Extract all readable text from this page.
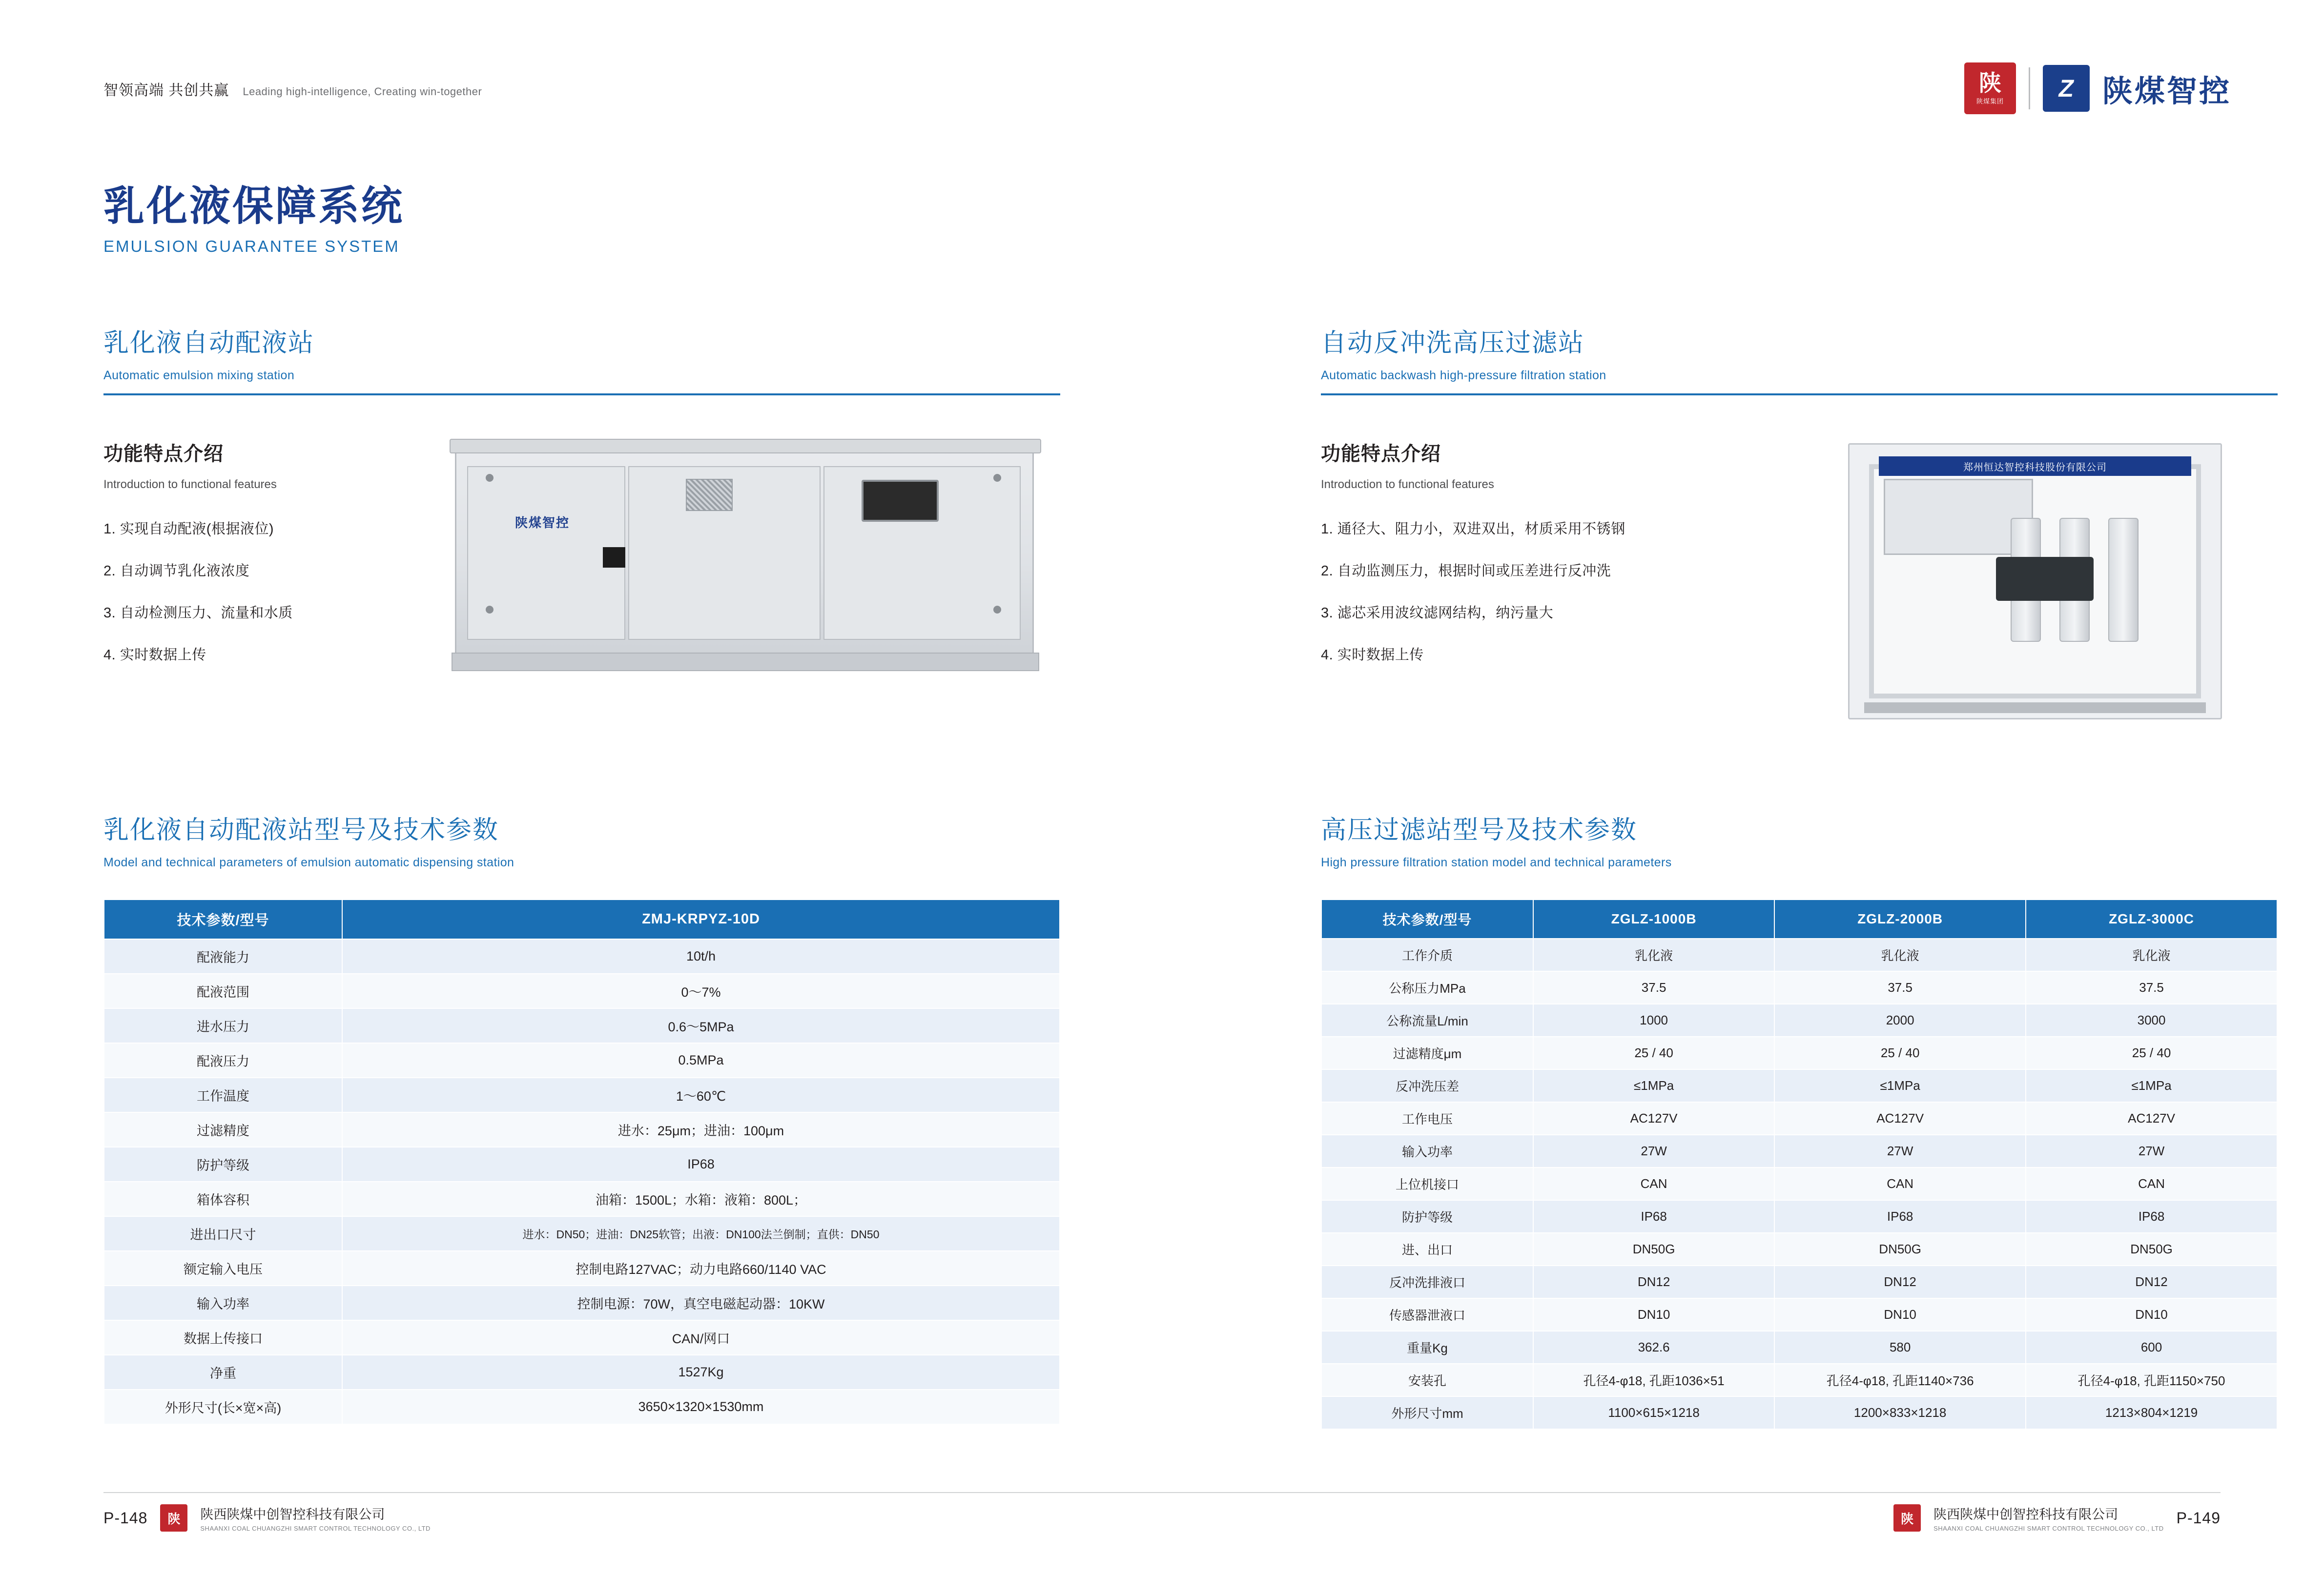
智领高端 共创共赢 Leading high-intelligence, Creating win-together	陕
陕煤集团 Z 陕煤智控
乳化液保障系统
EMULSION GUARANTEE SYSTEM
乳化液自动配液站
Automatic emulsion mixing station
功能特点介绍
Introduction to functional features
1. 实现自动配液(根据液位)
2. 自动调节乳化液浓度
3. 自动检测压力、流量和水质
4. 实时数据上传
陕煤智控
乳化液自动配液站型号及技术参数
Model and technical parameters of emulsion automatic dispensing station
技术参数/型号	ZMJ-KRPYZ-10D
配液能力	10t/h
配液范围	0～7%
进水压力	0.6～5MPa
配液压力	0.5MPa
工作温度	1～60℃
过滤精度	进水：25μm；进油：100μm
防护等级	IP68
箱体容积	油箱：1500L；水箱：液箱：800L；
进出口尺寸	进水：DN50；进油：DN25软管；出液：DN100法兰倒制；直供：DN50
额定输入电压	控制电路127VAC；动力电路660/1140 VAC
输入功率	控制电源：70W，真空电磁起动器：10KW
数据上传接口	CAN/网口
净重	1527Kg
外形尺寸(长×宽×高)	3650×1320×1530mm
自动反冲洗高压过滤站
Automatic backwash high-pressure filtration station
功能特点介绍
Introduction to functional features
1. 通径大、阻力小，双进双出，材质采用不锈钢
2. 自动监测压力，根据时间或压差进行反冲洗
3. 滤芯采用波纹滤网结构，纳污量大
4. 实时数据上传
郑州恒达智控科技股份有限公司
高压过滤站型号及技术参数
High pressure filtration station model and technical parameters
技术参数/型号	ZGLZ-1000B	ZGLZ-2000B	ZGLZ-3000C
工作介质	乳化液	乳化液	乳化液
公称压力MPa	37.5	37.5	37.5
公称流量L/min	1000	2000	3000
过滤精度μm	25 / 40	25 / 40	25 / 40
反冲洗压差	≤1MPa	≤1MPa	≤1MPa
工作电压	AC127V	AC127V	AC127V
输入功率	27W	27W	27W
上位机接口	CAN	CAN	CAN
防护等级	IP68	IP68	IP68
进、出口	DN50G	DN50G	DN50G
反冲洗排液口	DN12	DN12	DN12
传感器泄液口	DN10	DN10	DN10
重量Kg	362.6	580	600
安装孔	孔径4-φ18, 孔距1036×51	孔径4-φ18, 孔距1140×736	孔径4-φ18, 孔距1150×750
外形尺寸mm	1100×615×1218	1200×833×1218	1213×804×1219
P-148	陕	陕西陕煤中创智控科技有限公司
SHAANXI COAL CHUANGZHI SMART CONTROL TECHNOLOGY CO., LTD
陕	陕西陕煤中创智控科技有限公司
SHAANXI COAL CHUANGZHI SMART CONTROL TECHNOLOGY CO., LTD
P-149
